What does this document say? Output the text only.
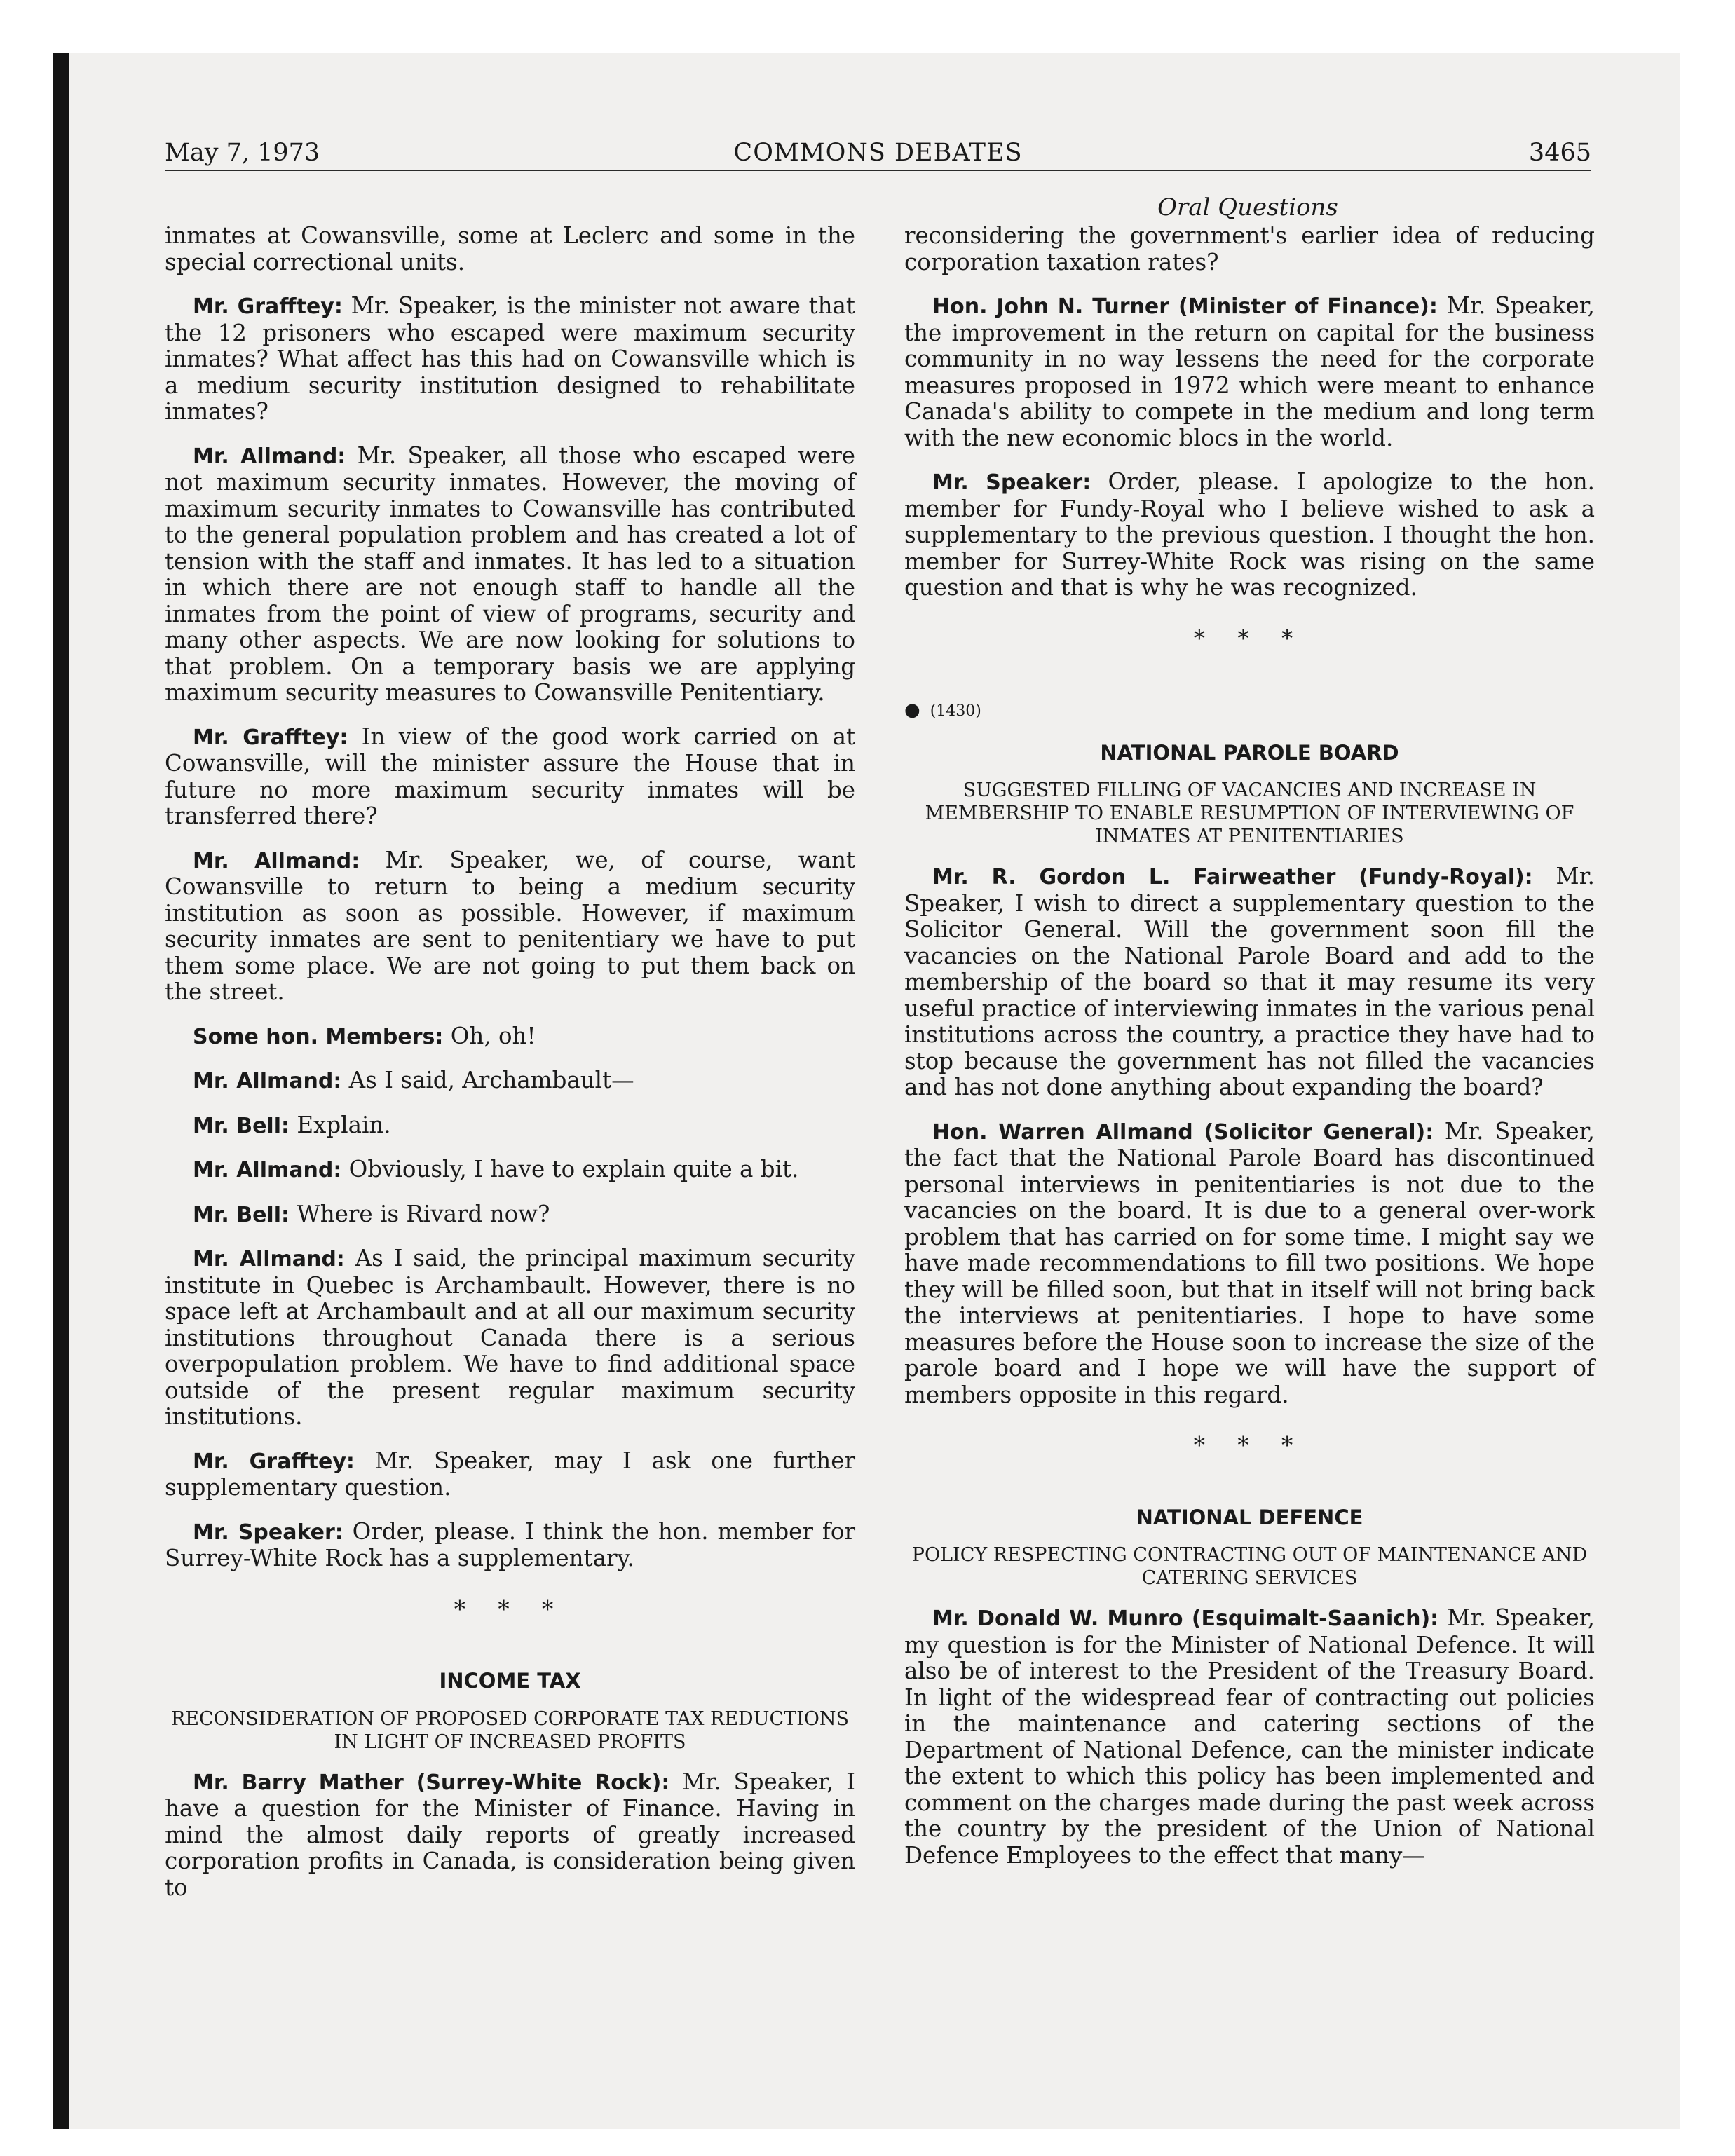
May 7, 1973	COMMONS DEBATES	3465
Oral Questions

inmates at Cowansville, some at Leclerc and some in the special correctional units.

Mr. Grafftey: Mr. Speaker, is the minister not aware that the 12 prisoners who escaped were maximum security inmates? What affect has this had on Cowansville which is a medium security institution designed to rehabilitate inmates?

Mr. Allmand: Mr. Speaker, all those who escaped were not maximum security inmates. However, the moving of maximum security inmates to Cowansville has contributed to the general population problem and has created a lot of tension with the staff and inmates. It has led to a situation in which there are not enough staff to handle all the inmates from the point of view of programs, security and many other aspects. We are now looking for solutions to that problem. On a temporary basis we are applying maximum security measures to Cowansville Penitentiary.

Mr. Grafftey: In view of the good work carried on at Cowansville, will the minister assure the House that in future no more maximum security inmates will be transferred there?

Mr. Allmand: Mr. Speaker, we, of course, want Cowansville to return to being a medium security institution as soon as possible. However, if maximum security inmates are sent to penitentiary we have to put them some place. We are not going to put them back on the street.

Some hon. Members: Oh, oh!

Mr. Allmand: As I said, Archambault—

Mr. Bell: Explain.

Mr. Allmand: Obviously, I have to explain quite a bit.

Mr. Bell: Where is Rivard now?

Mr. Allmand: As I said, the principal maximum security institute in Quebec is Archambault. However, there is no space left at Archambault and at all our maximum security institutions throughout Canada there is a serious overpopulation problem. We have to find additional space outside of the present regular maximum security institutions.

Mr. Grafftey: Mr. Speaker, may I ask one further supplementary question.

Mr. Speaker: Order, please. I think the hon. member for Surrey-White Rock has a supplementary.

* * *

INCOME TAX

RECONSIDERATION OF PROPOSED CORPORATE TAX REDUCTIONS IN LIGHT OF INCREASED PROFITS

Mr. Barry Mather (Surrey-White Rock): Mr. Speaker, I have a question for the Minister of Finance. Having in mind the almost daily reports of greatly increased corporation profits in Canada, is consideration being given to

reconsidering the government's earlier idea of reducing corporation taxation rates?

Hon. John N. Turner (Minister of Finance): Mr. Speaker, the improvement in the return on capital for the business community in no way lessens the need for the corporate measures proposed in 1972 which were meant to enhance Canada's ability to compete in the medium and long term with the new economic blocs in the world.

Mr. Speaker: Order, please. I apologize to the hon. member for Fundy-Royal who I believe wished to ask a supplementary to the previous question. I thought the hon. member for Surrey-White Rock was rising on the same question and that is why he was recognized.

* * *

● (1430)

NATIONAL PAROLE BOARD

SUGGESTED FILLING OF VACANCIES AND INCREASE IN MEMBERSHIP TO ENABLE RESUMPTION OF INTERVIEWING OF INMATES AT PENITENTIARIES

Mr. R. Gordon L. Fairweather (Fundy-Royal): Mr. Speaker, I wish to direct a supplementary question to the Solicitor General. Will the government soon fill the vacancies on the National Parole Board and add to the membership of the board so that it may resume its very useful practice of interviewing inmates in the various penal institutions across the country, a practice they have had to stop because the government has not filled the vacancies and has not done anything about expanding the board?

Hon. Warren Allmand (Solicitor General): Mr. Speaker, the fact that the National Parole Board has discontinued personal interviews in penitentiaries is not due to the vacancies on the board. It is due to a general over-work problem that has carried on for some time. I might say we have made recommendations to fill two positions. We hope they will be filled soon, but that in itself will not bring back the interviews at penitentiaries. I hope to have some measures before the House soon to increase the size of the parole board and I hope we will have the support of members opposite in this regard.

* * *

NATIONAL DEFENCE

POLICY RESPECTING CONTRACTING OUT OF MAINTENANCE AND CATERING SERVICES

Mr. Donald W. Munro (Esquimalt-Saanich): Mr. Speaker, my question is for the Minister of National Defence. It will also be of interest to the President of the Treasury Board. In light of the widespread fear of contracting out policies in the maintenance and catering sections of the Department of National Defence, can the minister indicate the extent to which this policy has been implemented and comment on the charges made during the past week across the country by the president of the Union of National Defence Employees to the effect that many—
